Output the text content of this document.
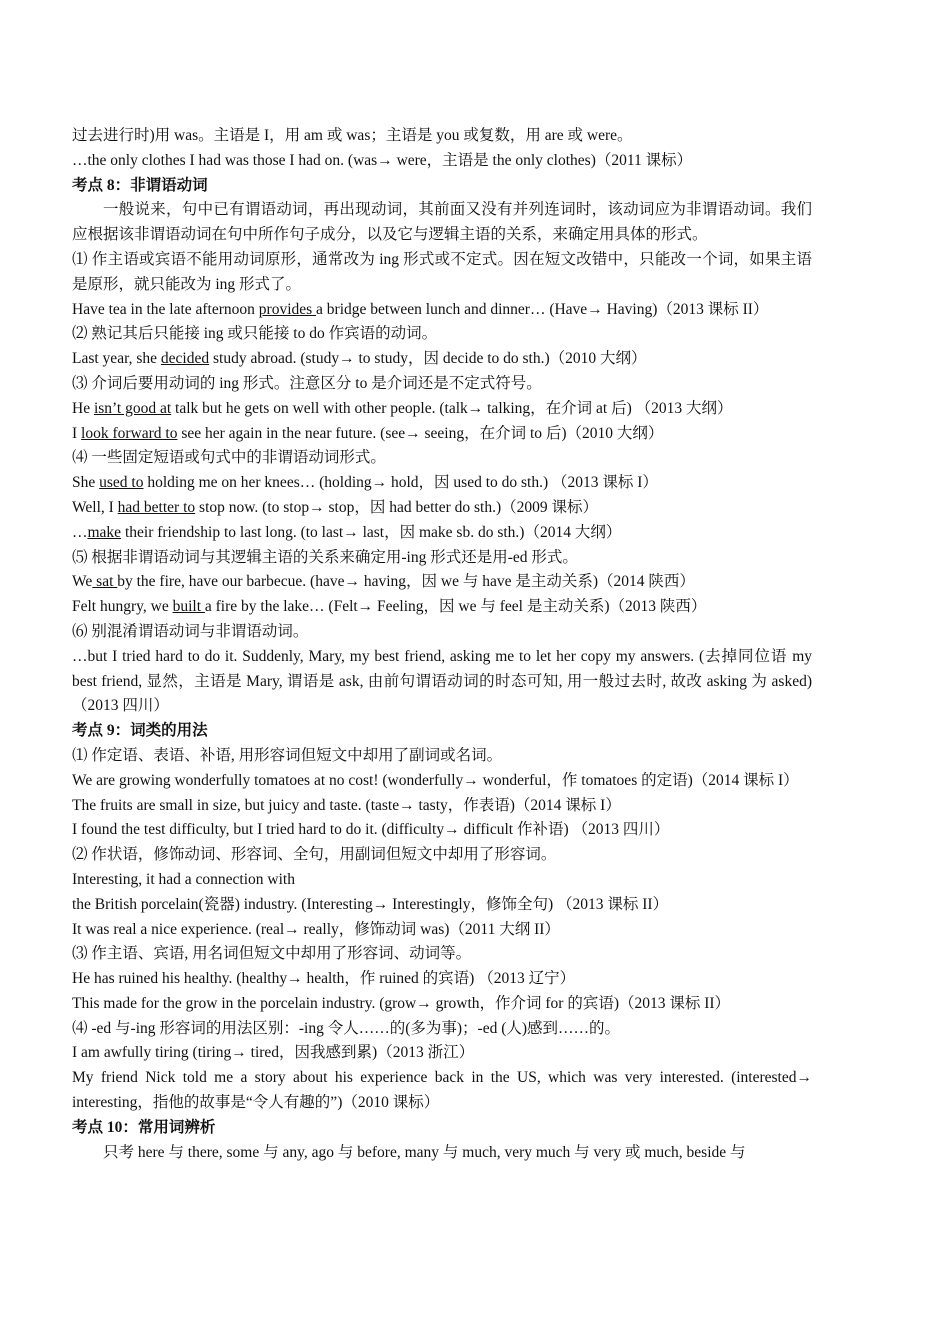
过去进行时)用 was。主语是 I，用 am 或 was；主语是 you 或复数，用 are 或 were。
…the only clothes I had was those I had on. (was→ were，主语是 the only clothes)（2011 课标）
考点 8：非谓语动词
一般说来，句中已有谓语动词，再出现动词，其前面又没有并列连词时，该动词应为非谓语动词。我们应根据该非谓语动词在句中所作句子成分，以及它与逻辑主语的关系，来确定用具体的形式。
⑴ 作主语或宾语不能用动词原形，通常改为 ing 形式或不定式。因在短文改错中，只能改一个词，如果主语是原形，就只能改为 ing 形式了。
Have tea in the late afternoon provides a bridge between lunch and dinner… (Have→ Having)（2013 课标 II）
⑵ 熟记其后只能接 ing 或只能接 to do 作宾语的动词。
Last year, she decided study abroad. (study→ to study，因 decide to do sth.)（2010 大纲）
⑶ 介词后要用动词的 ing 形式。注意区分 to 是介词还是不定式符号。
He isn’t good at talk but he gets on well with other people. (talk→ talking，在介词 at 后) （2013 大纲）
I look forward to see her again in the near future. (see→ seeing，在介词 to 后)（2010 大纲）
⑷ 一些固定短语或句式中的非谓语动词形式。
She used to holding me on her knees… (holding→ hold，因 used to do sth.) （2013 课标 I）
Well, I had better to stop now. (to stop→ stop，因 had better do sth.)（2009 课标）
…make their friendship to last long. (to last→ last，因 make sb. do sth.)（2014 大纲）
⑸ 根据非谓语动词与其逻辑主语的关系来确定用-ing 形式还是用-ed 形式。
We sat by the fire, have our barbecue. (have→ having，因 we 与 have 是主动关系)（2014 陕西）
Felt hungry, we built a fire by the lake… (Felt→ Feeling，因 we 与 feel 是主动关系)（2013 陕西）
⑹ 别混淆谓语动词与非谓语动词。
…but I tried hard to do it. Suddenly, Mary, my best friend, asking me to let her copy my answers. (去掉同位语 my best friend, 显然，主语是 Mary, 谓语是 ask, 由前句谓语动词的时态可知, 用一般过去时, 故改 asking 为 asked)（2013 四川）
考点 9：词类的用法
⑴ 作定语、表语、补语, 用形容词但短文中却用了副词或名词。
We are growing wonderfully tomatoes at no cost! (wonderfully→ wonderful，作 tomatoes 的定语)（2014 课标 I）
The fruits are small in size, but juicy and taste. (taste→ tasty，作表语)（2014 课标 I）
I found the test difficulty, but I tried hard to do it. (difficulty→ difficult 作补语) （2013 四川）
⑵ 作状语，修饰动词、形容词、全句，用副词但短文中却用了形容词。
Interesting, it had a connection with
the British porcelain(瓷器) industry. (Interesting→ Interestingly，修饰全句) （2013 课标 II）
It was real a nice experience. (real→ really，修饰动词 was)（2011 大纲 II）
⑶ 作主语、宾语, 用名词但短文中却用了形容词、动词等。
He has ruined his healthy. (healthy→ health，作 ruined 的宾语) （2013 辽宁）
This made for the grow in the porcelain industry. (grow→ growth，作介词 for 的宾语)（2013 课标 II）
⑷ -ed 与-ing 形容词的用法区别：-ing 令人……的(多为事)；-ed (人)感到……的。
I am awfully tiring (tiring→ tired，因我感到累)（2013 浙江）
My friend Nick told me a story about his experience back in the US, which was very interested. (interested→ interesting，指他的故事是“令人有趣的”)（2010 课标）
考点 10：常用词辨析
只考 here 与 there, some 与 any, ago 与 before, many 与 much, very much 与 very 或 much, beside 与
